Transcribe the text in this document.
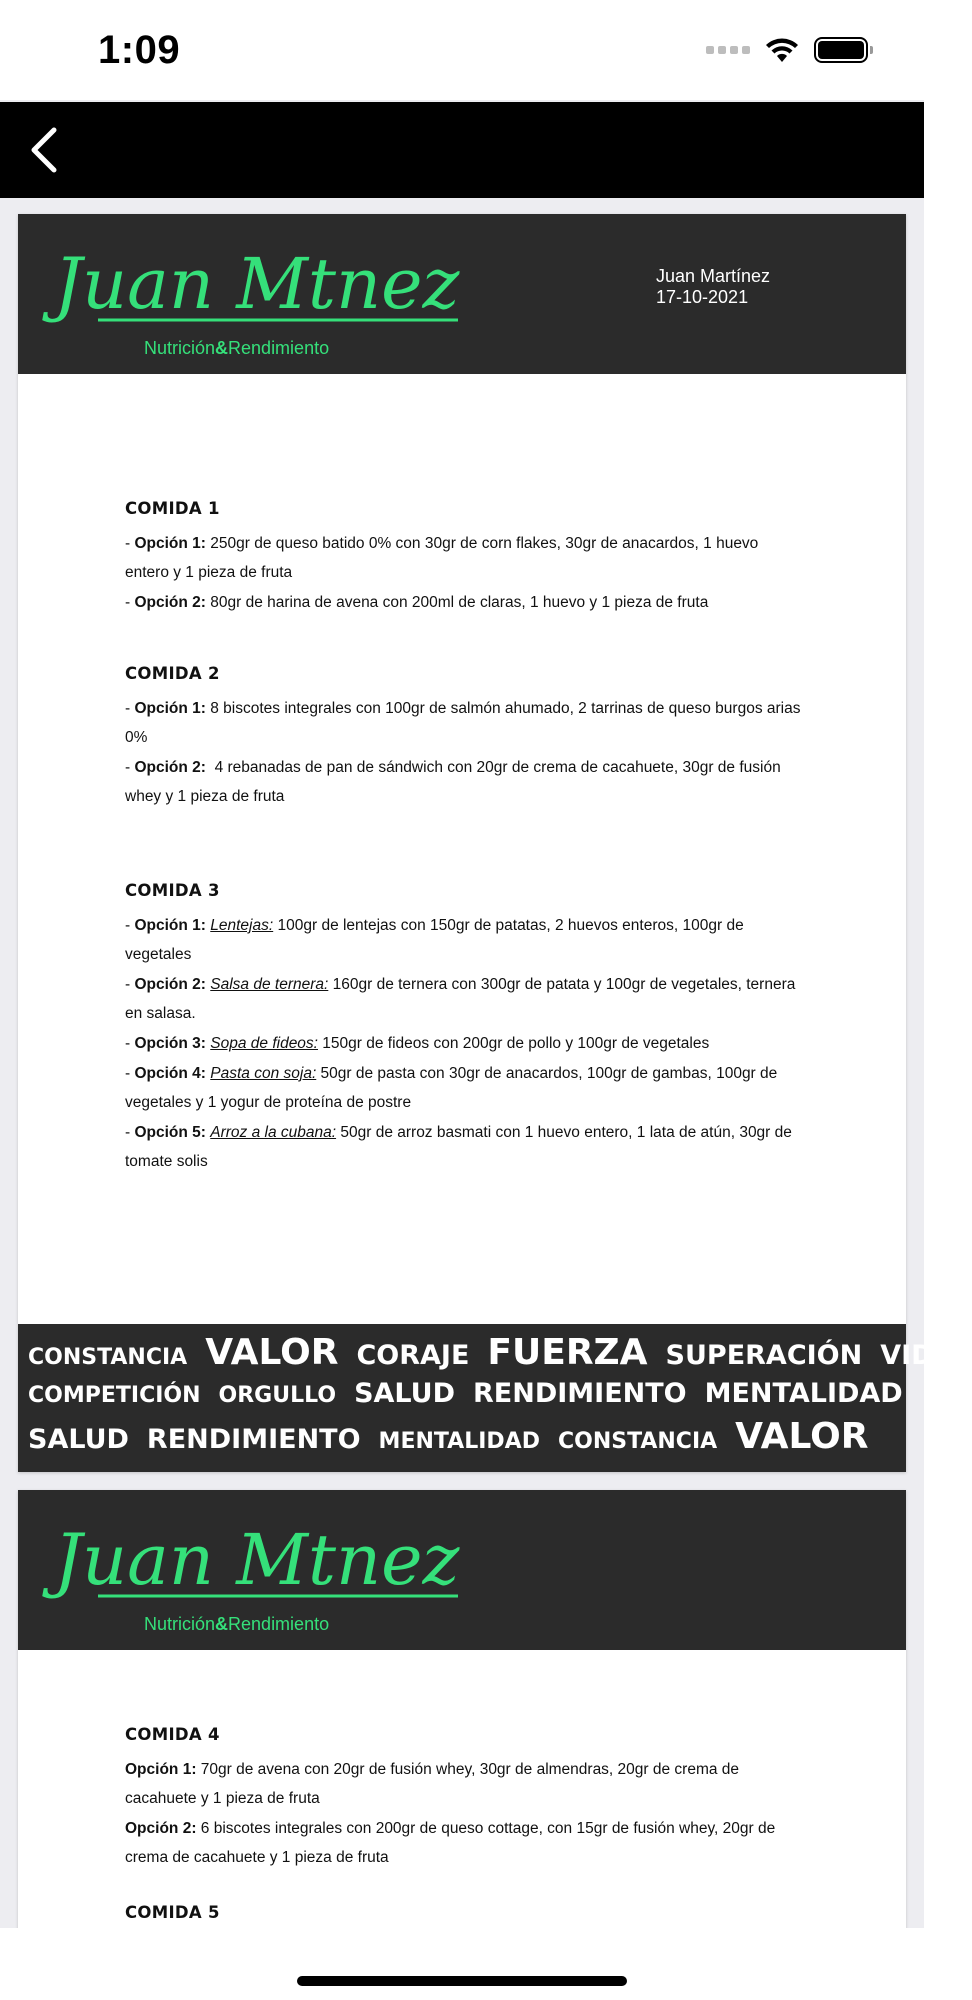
1:09
Juan Mtnez
Nutrición&Rendimiento
Juan Martínez
17-10-2021
COMIDA 1
- Opción 1: 250gr de queso batido 0% con 30gr de corn flakes, 30gr de anacardos, 1 huevo entero y 1 pieza de fruta
- Opción 2: 80gr de harina de avena con 200ml de claras, 1 huevo y 1 pieza de fruta
COMIDA 2
- Opción 1: 8 biscotes integrales con 100gr de salmón ahumado, 2 tarrinas de queso burgos arias 0%
- Opción 2:  4 rebanadas de pan de sándwich con 20gr de crema de cacahuete, 30gr de fusión whey y 1 pieza de fruta
COMIDA 3
- Opción 1: Lentejas: 100gr de lentejas con 150gr de patatas, 2 huevos enteros, 100gr de vegetales
- Opción 2: Salsa de ternera: 160gr de ternera con 300gr de patata y 100gr de vegetales, ternera en salasa.
- Opción 3: Sopa de fideos: 150gr de fideos con 200gr de pollo y 100gr de vegetales
- Opción 4: Pasta con soja: 50gr de pasta con 30gr de anacardos, 100gr de gambas, 100gr de vegetales y 1 yogur de proteína de postre
- Opción 5: Arroz a la cubana: 50gr de arroz basmati con 1 huevo entero, 1 lata de atún, 30gr de tomate solis
CONSTANCIA VALOR CORAJE FUERZA SUPERACIÓN VIDA
COMPETICIÓN ORGULLO SALUD RENDIMIENTO MENTALIDAD
SALUD RENDIMIENTO MENTALIDAD CONSTANCIA VALOR
Juan Mtnez
Nutrición&Rendimiento
COMIDA 4
Opción 1: 70gr de avena con 20gr de fusión whey, 30gr de almendras, 20gr de crema de cacahuete y 1 pieza de fruta
Opción 2: 6 biscotes integrales con 200gr de queso cottage, con 15gr de fusión whey, 20gr de crema de cacahuete y 1 pieza de fruta
COMIDA 5
